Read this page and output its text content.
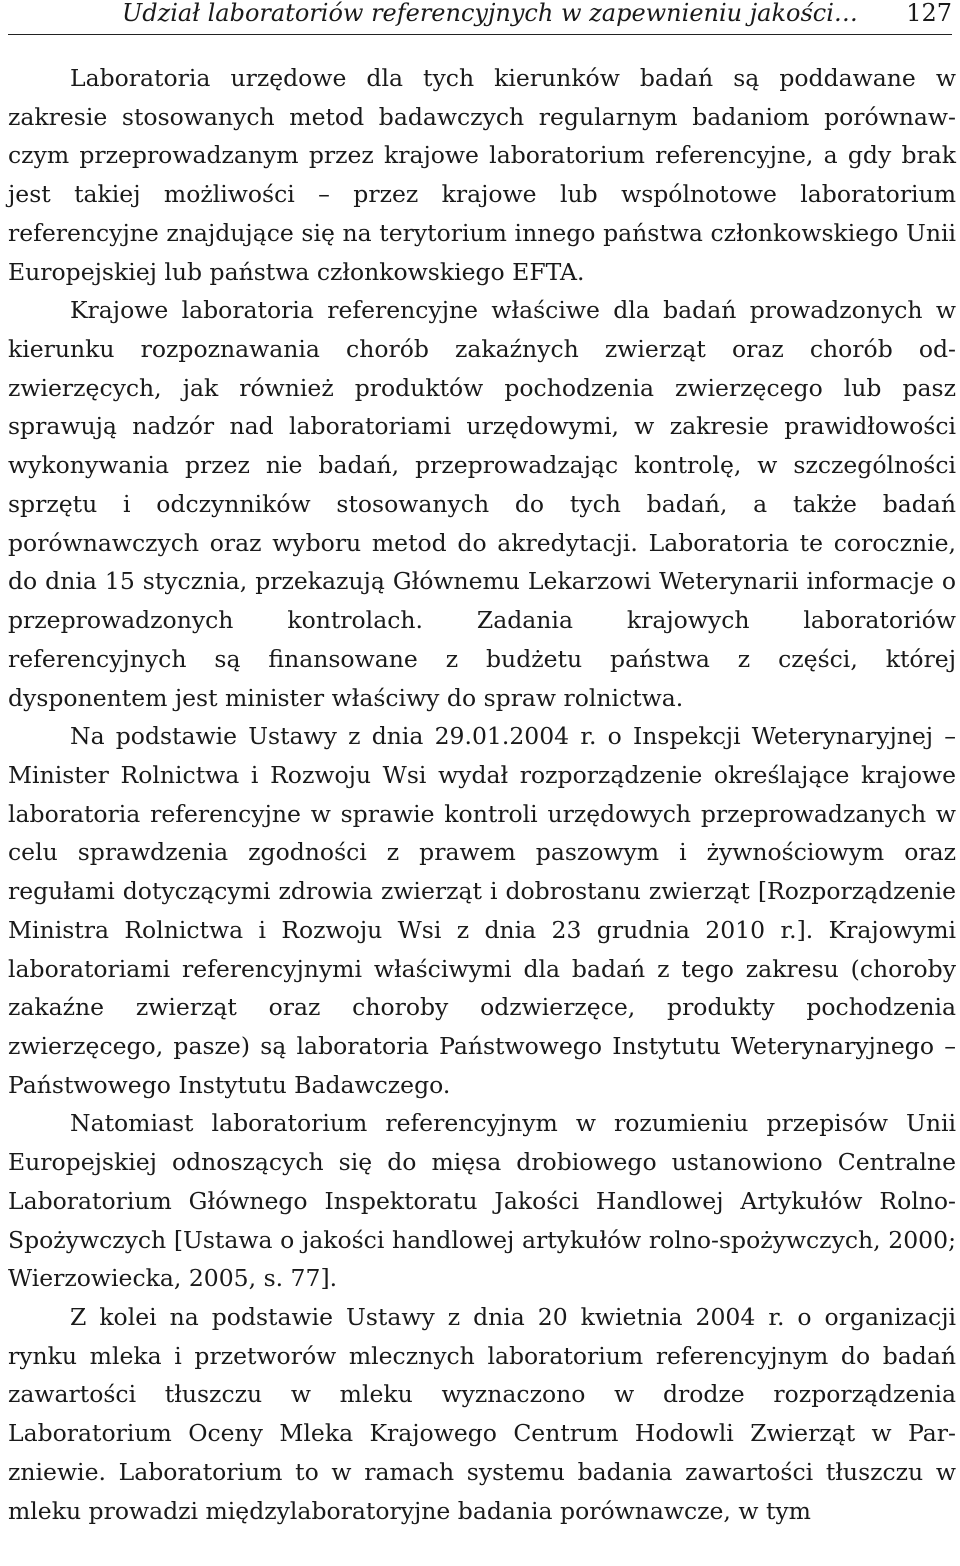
Udział laboratoriów referencyjnych w zapewnieniu jakości… 127

Laboratoria urzędowe dla tych kierunków badań są poddawane w zakresie stosowanych metod badawczych regularnym badaniom porównawczym przeprowadzanym przez krajowe laboratorium referencyjne, a gdy brak jest takiej możliwości – przez krajowe lub wspólnotowe laboratorium referencyjne znajdujące się na terytorium innego państwa członkowskiego Unii Europejskiej lub państwa członkowskiego EFTA.

Krajowe laboratoria referencyjne właściwe dla badań prowadzonych w kierunku rozpoznawania chorób zakaźnych zwierząt oraz chorób odzwierzęcych, jak również produktów pochodzenia zwierzęcego lub pasz sprawują nadzór nad laboratoriami urzędowymi, w zakresie prawidłowości wykonywania przez nie badań, przeprowadzając kontrolę, w szczególności sprzętu i odczynników stosowanych do tych badań, a także badań porównawczych oraz wyboru metod do akredytacji. Laboratoria te corocznie, do dnia 15 stycznia, przekazują Głównemu Lekarzowi Weterynarii informacje o przeprowadzonych kontrolach. Zadania krajowych laboratoriów referencyjnych są finansowane z budżetu państwa z części, której dysponentem jest minister właściwy do spraw rolnictwa.

Na podstawie Ustawy z dnia 29.01.2004 r. o Inspekcji Weterynaryjnej – Minister Rolnictwa i Rozwoju Wsi wydał rozporządzenie określające krajowe laboratoria referencyjne w sprawie kontroli urzędowych przeprowadzanych w celu sprawdzenia zgodności z prawem paszowym i żywnościowym oraz regułami dotyczącymi zdrowia zwierząt i dobrostanu zwierząt [Rozporządzenie Ministra Rolnictwa i Rozwoju Wsi z dnia 23 grudnia 2010 r.]. Krajowymi laboratoriami referencyjnymi właściwymi dla badań z tego zakresu (choroby zakaźne zwierząt oraz choroby odzwierzęce, produkty pochodzenia zwierzęcego, pasze) są laboratoria Państwowego Instytutu Weterynaryjnego – Państwowego Instytutu Badawczego.

Natomiast laboratorium referencyjnym w rozumieniu przepisów Unii Europejskiej odnoszących się do mięsa drobiowego ustanowiono Centralne Laboratorium Głównego Inspektoratu Jakości Handlowej Artykułów Rolno-Spożywczych [Ustawa o jakości handlowej artykułów rolno-spożywczych, 2000; Wierzowiecka, 2005, s. 77].

Z kolei na podstawie Ustawy z dnia 20 kwietnia 2004 r. o organizacji rynku mleka i przetworów mlecznych laboratorium referencyjnym do badań zawartości tłuszczu w mleku wyznaczono w drodze rozporządzenia Laboratorium Oceny Mleka Krajowego Centrum Hodowli Zwierząt w Parzniewie. Laboratorium to w ramach systemu badania zawartości tłuszczu w mleku prowadzi międzylaboratoryjne badania porównawcze, w tym
